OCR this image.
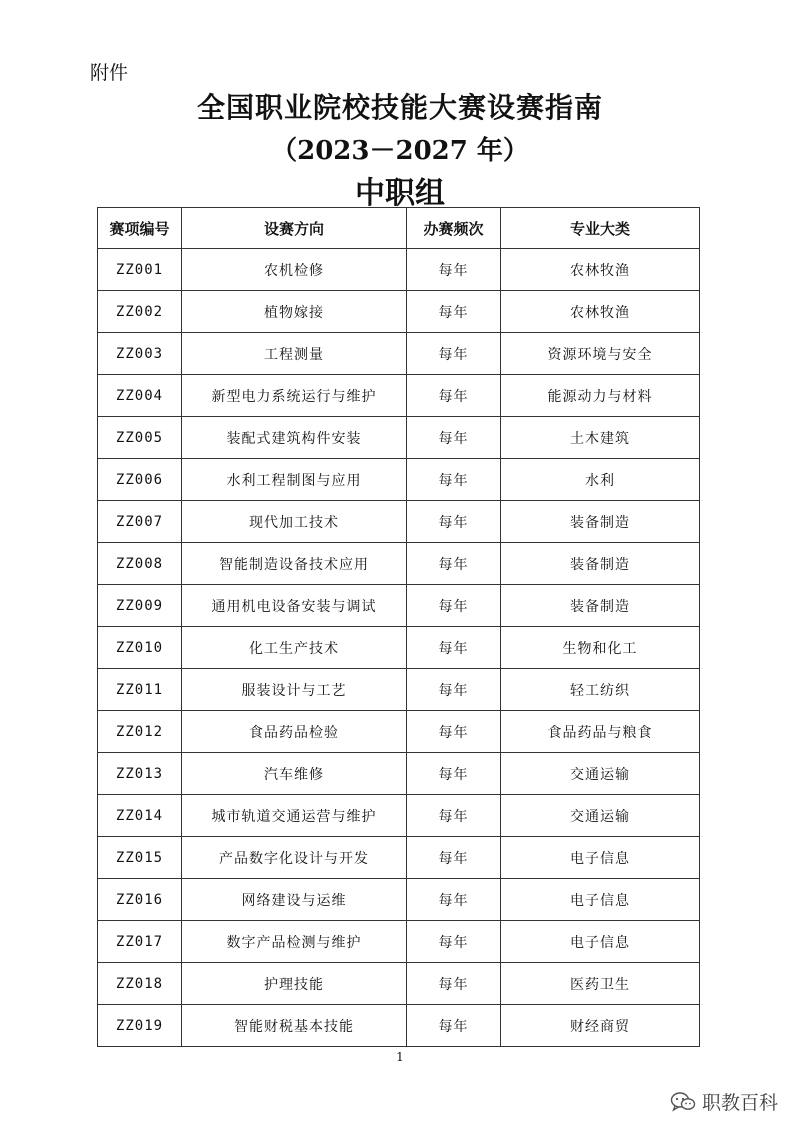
附件
全国职业院校技能大赛设赛指南
（2023－2027 年）
中职组
赛项编号	设赛方向	办赛频次	专业大类
ZZ001	农机检修	每年	农林牧渔
ZZ002	植物嫁接	每年	农林牧渔
ZZ003	工程测量	每年	资源环境与安全
ZZ004	新型电力系统运行与维护	每年	能源动力与材料
ZZ005	装配式建筑构件安装	每年	土木建筑
ZZ006	水利工程制图与应用	每年	水利
ZZ007	现代加工技术	每年	装备制造
ZZ008	智能制造设备技术应用	每年	装备制造
ZZ009	通用机电设备安装与调试	每年	装备制造
ZZ010	化工生产技术	每年	生物和化工
ZZ011	服装设计与工艺	每年	轻工纺织
ZZ012	食品药品检验	每年	食品药品与粮食
ZZ013	汽车维修	每年	交通运输
ZZ014	城市轨道交通运营与维护	每年	交通运输
ZZ015	产品数字化设计与开发	每年	电子信息
ZZ016	网络建设与运维	每年	电子信息
ZZ017	数字产品检测与维护	每年	电子信息
ZZ018	护理技能	每年	医药卫生
ZZ019	智能财税基本技能	每年	财经商贸
1
职教百科
